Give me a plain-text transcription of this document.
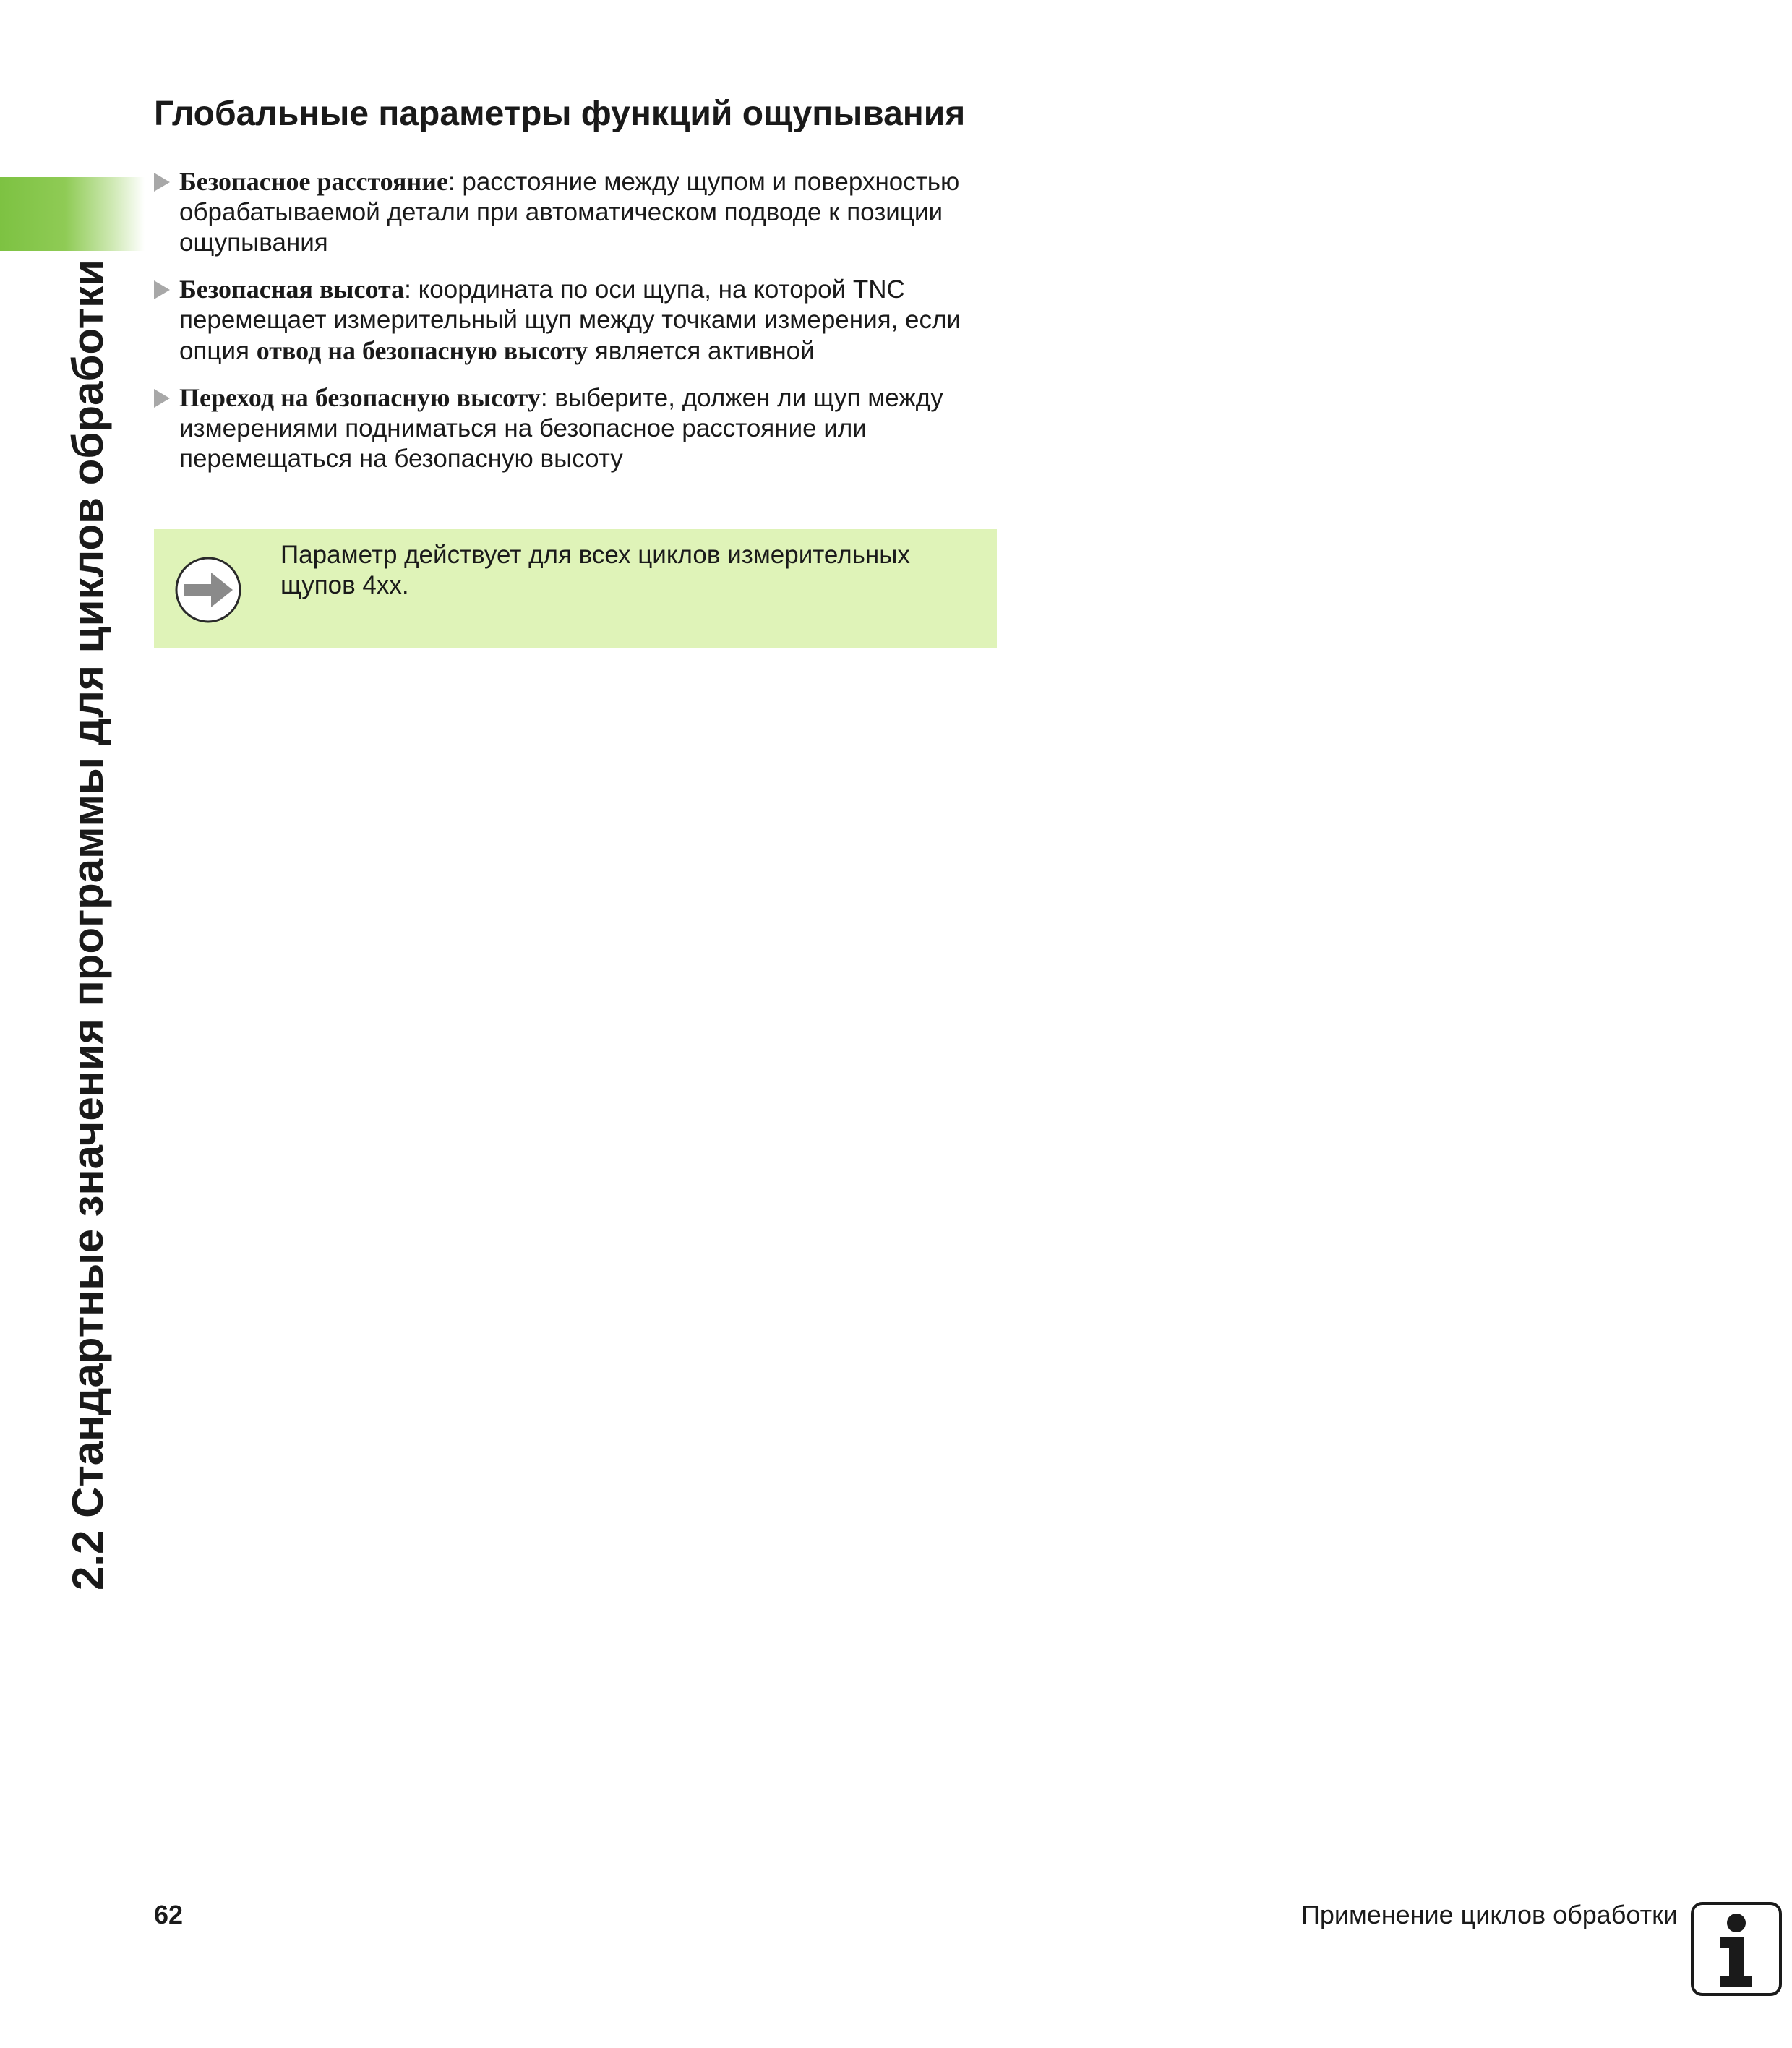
2.2 Стандартные значения программы для циклов обработки
Глобальные параметры функций ощупывания
Безопасное расстояние: расстояние между щупом и поверхностью обрабатываемой детали при автоматическом подводе к позиции ощупывания
Безопасная высота: координата по оси щупа, на которой TNC перемещает измерительный щуп между точками измерения, если опция отвод на безопасную высоту является активной
Переход на безопасную высоту: выберите, должен ли щуп между измерениями подниматься на безопасное расстояние или перемещаться на безопасную высоту

Параметр действует для всех циклов измерительных щупов 4xx.

62	Применение циклов обработки
